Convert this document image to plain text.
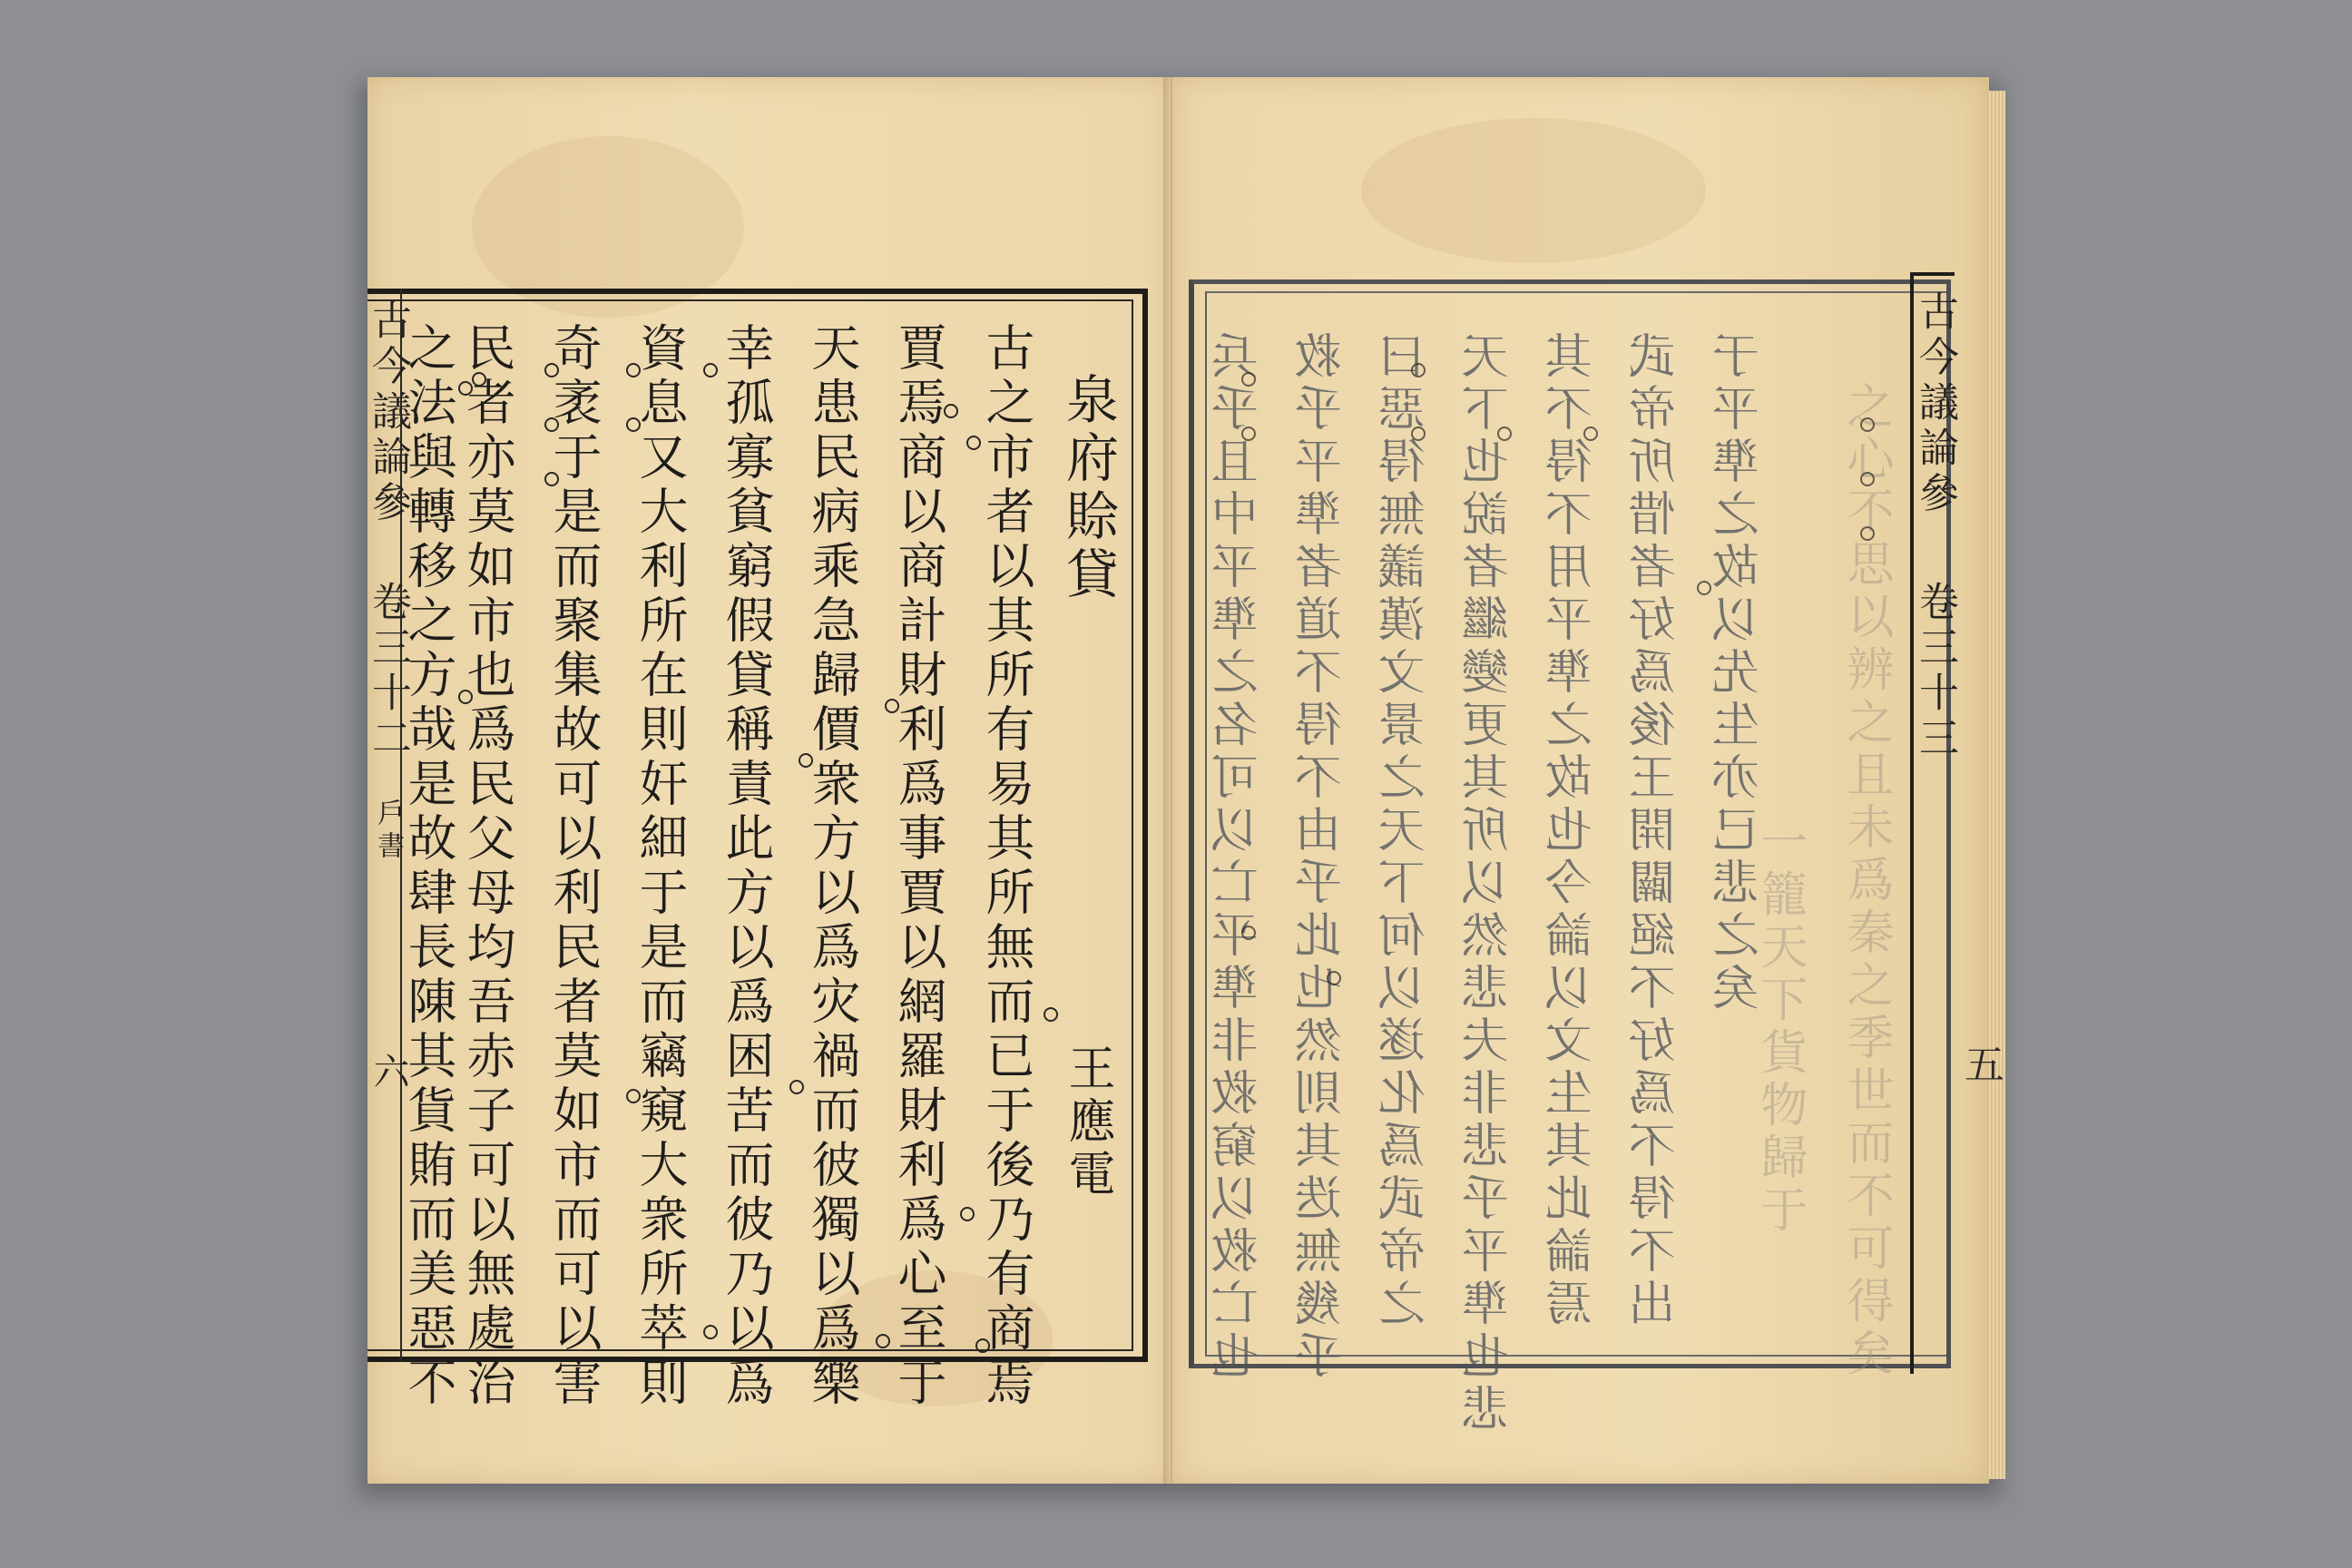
古今議論參
卷三十二
戶書
六
泉府賒貸
王應電
古之市者以其所有易其所無而已于後乃有商焉
賈焉商以商計財利爲事賈以網羅財利爲心至于
天患民病乘急歸價衆方以爲灾禍而彼獨以爲樂
幸孤寡貧窮假貸稱責此方以爲困苦而彼乃以爲
資息又大利所在則奸細于是而竊窺大衆所萃則
奇袤于是而聚集故可以利民者莫如市而可以害
民者亦莫如市也爲民父母均吾赤子可以無處治
之法與轉移之方哉是故肆長陳其貨賄而美惡不	古今議論參
卷三十三
五
之心不思以辨之且未爲秦之季世而不可得矣
一籠天下貨物歸于
兵乎且中平準之名可以亡平準非救窮以救亡也 救乎平準者道不得不由乎此也然則其迭無幾乎 曰惡得無議漢文景之天下何以遂化爲武帝之 天下也說者繼變更其所以然悲夫非悲乎平準也悲 其不得不用平準之故也今論以文生其此論焉 武帝所惜者好爲後王開闢絕不好爲不得不出 于平準之故以先生亦已悲之矣
